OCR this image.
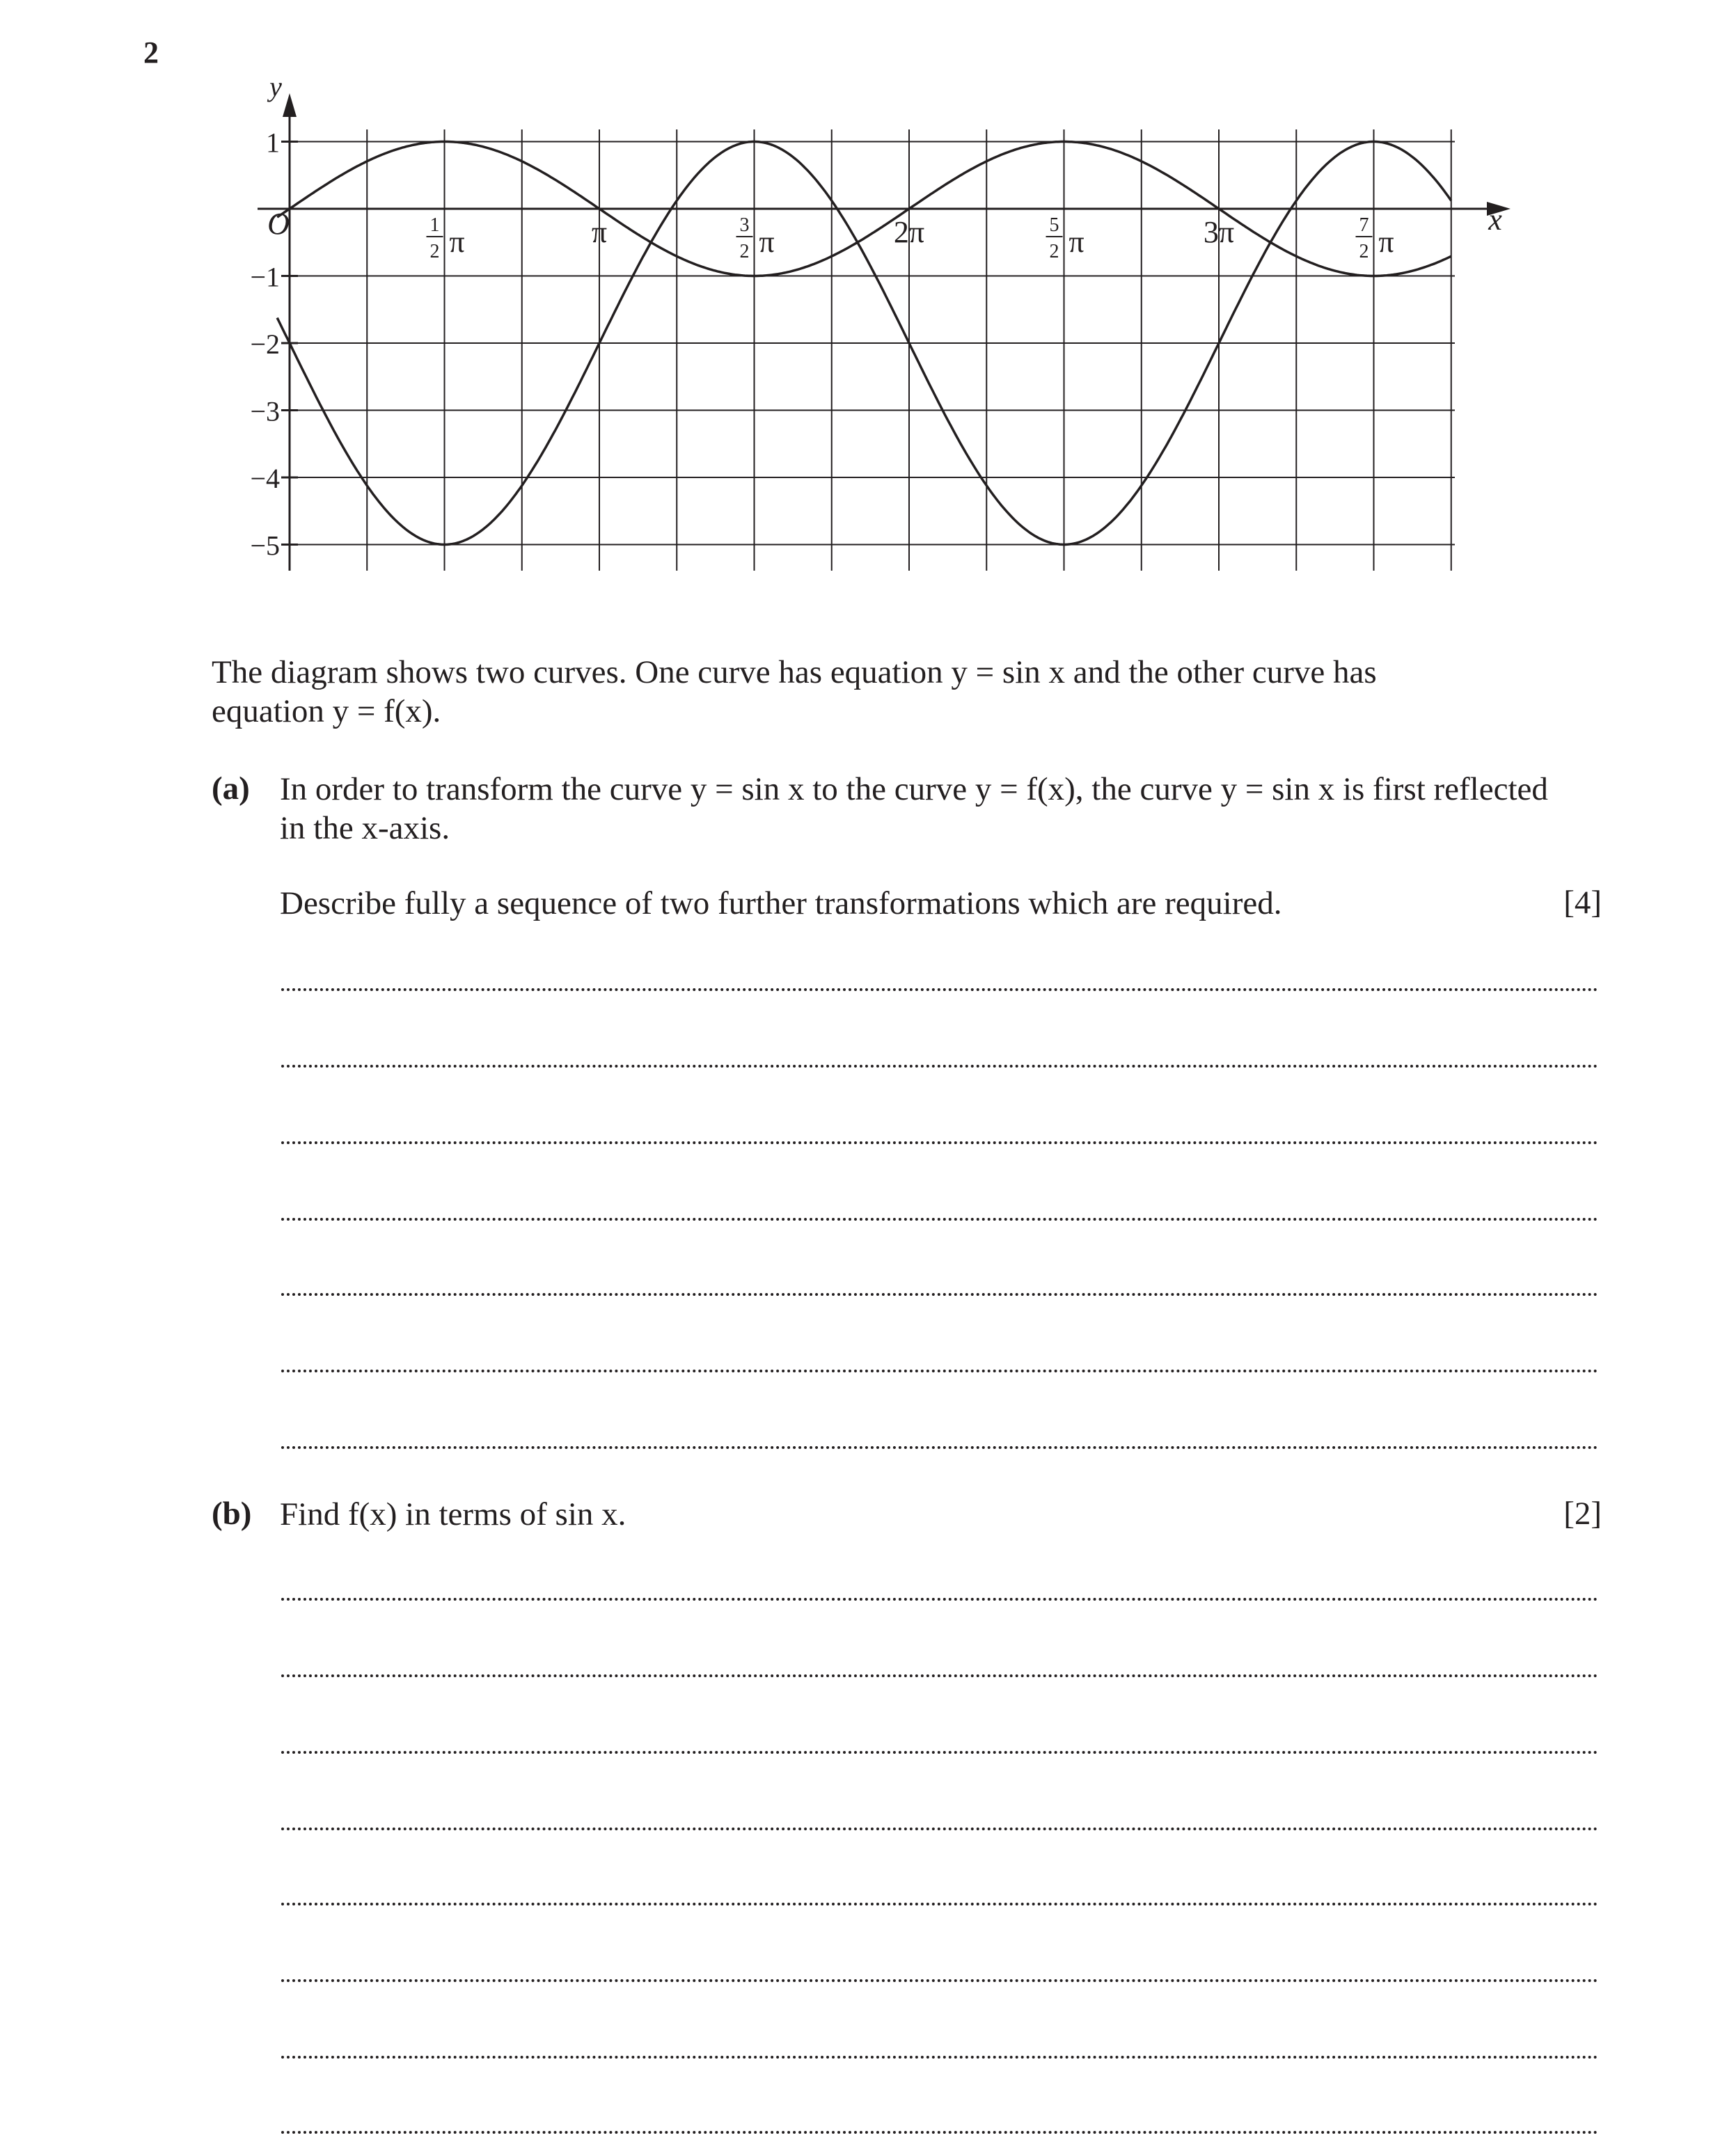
2
y
x
O
1
−1
−2
−3
−4
−5
1
2 π	π	3
2 π	2π	5
2 π	3π	7
2 π
The diagram shows two curves. One curve has equation y = sin x and the other curve has
equation y = f(x).
(a) In order to transform the curve y = sin x to the curve y = f(x), the curve y = sin x is first reflected
in the x-axis.
Describe fully a sequence of two further transformations which are required.	[4]
(b) Find f(x) in terms of sin x.	[2]
